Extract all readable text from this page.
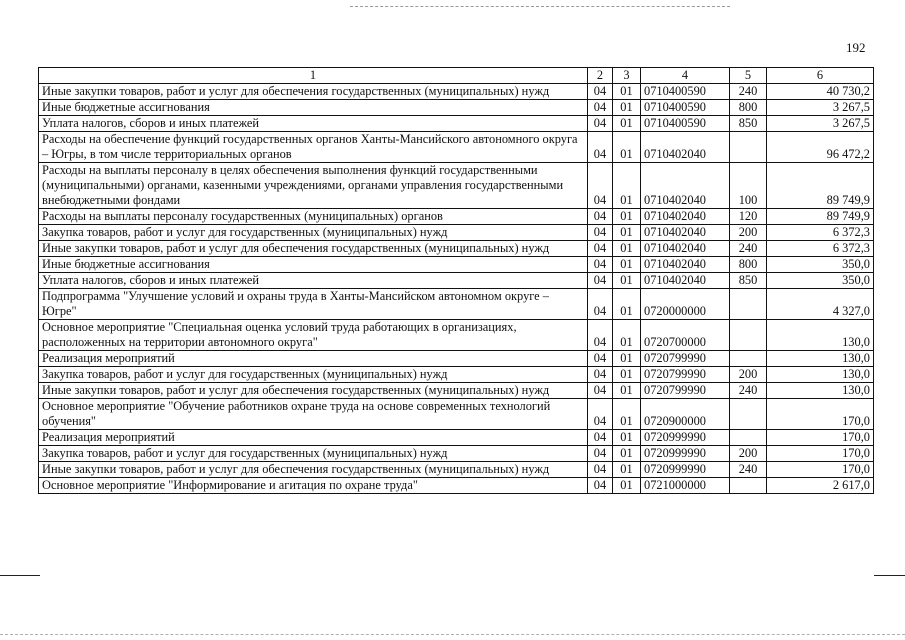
192
1	2	3	4	5	6
Иные закупки товаров, работ и услуг для обеспечения государственных (муниципальных) нужд	04	01	0710400590	240	40 730,2
Иные бюджетные ассигнования	04	01	0710400590	800	3 267,5
Уплата налогов, сборов и иных платежей	04	01	0710400590	850	3 267,5
Расходы на обеспечение функций государственных органов Ханты-Мансийского автономного округа – Югры, в том числе территориальных органов	04	01	0710402040		96 472,2
Расходы на выплаты персоналу в целях обеспечения выполнения функций государственными (муниципальными) органами, казенными учреждениями, органами управления государственными внебюджетными фондами	04	01	0710402040	100	89 749,9
Расходы на выплаты персоналу государственных (муниципальных) органов	04	01	0710402040	120	89 749,9
Закупка товаров, работ и услуг для государственных (муниципальных) нужд	04	01	0710402040	200	6 372,3
Иные закупки товаров, работ и услуг для обеспечения государственных (муниципальных) нужд	04	01	0710402040	240	6 372,3
Иные бюджетные ассигнования	04	01	0710402040	800	350,0
Уплата налогов, сборов и иных платежей	04	01	0710402040	850	350,0
Подпрограмма "Улучшение условий и охраны труда в Ханты-Мансийском автономном округе – Югре"	04	01	0720000000		4 327,0
Основное мероприятие "Специальная оценка условий труда работающих в организациях, расположенных на территории автономного округа"	04	01	0720700000		130,0
Реализация мероприятий	04	01	0720799990		130,0
Закупка товаров, работ и услуг для государственных (муниципальных) нужд	04	01	0720799990	200	130,0
Иные закупки товаров, работ и услуг для обеспечения государственных (муниципальных) нужд	04	01	0720799990	240	130,0
Основное мероприятие "Обучение работников охране труда на основе современных технологий обучения"	04	01	0720900000		170,0
Реализация мероприятий	04	01	0720999990		170,0
Закупка товаров, работ и услуг для государственных (муниципальных) нужд	04	01	0720999990	200	170,0
Иные закупки товаров, работ и услуг для обеспечения государственных (муниципальных) нужд	04	01	0720999990	240	170,0
Основное мероприятие "Информирование и агитация по охране труда"	04	01	0721000000		2 617,0
